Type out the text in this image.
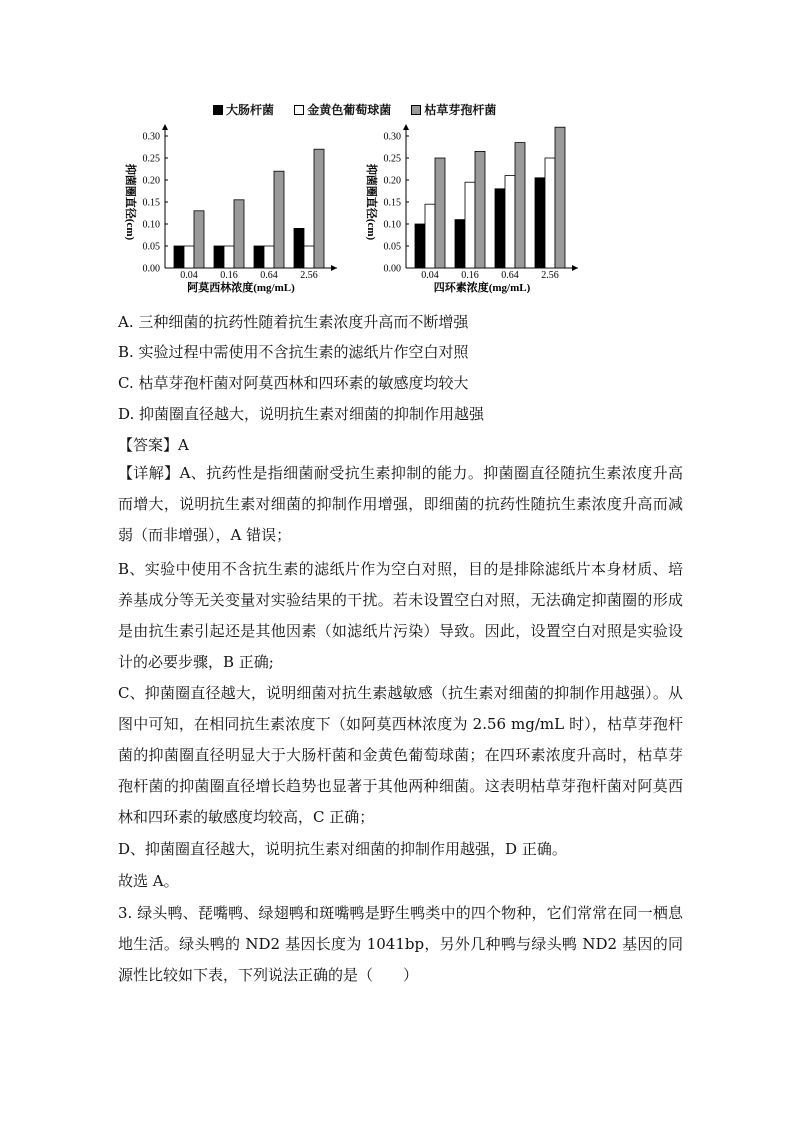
大肠杆菌
	金黄色葡萄球菌
	枯草芽孢杆菌
0.00
0.05
0.10
0.15
0.20
0.25
0.30
抑菌圈直径(cm)
0.04 0.16 0.64 2.56
阿莫西林浓度(mg/mL)
0.00
0.05
0.10
0.15
0.20
0.25
0.30
抑菌圈直径(cm)
0.04 0.16 0.64 2.56
四环素浓度(mg/mL)
A. 三种细菌的抗药性随着抗生素浓度升高而不断增强
B. 实验过程中需使用不含抗生素的滤纸片作空白对照
C. 枯草芽孢杆菌对阿莫西林和四环素的敏感度均较大
D. 抑菌圈直径越大，说明抗生素对细菌的抑制作用越强
【答案】A
【详解】A、抗药性是指细菌耐受抗生素抑制的能力。抑菌圈直径随抗生素浓度升高而增大，说明抗生素对细菌的抑制作用增强，即细菌的抗药性随抗生素浓度升高而减弱（而非增强），A 错误；
B、实验中使用不含抗生素的滤纸片作为空白对照，目的是排除滤纸片本身材质、培养基成分等无关变量对实验结果的干扰。若未设置空白对照，无法确定抑菌圈的形成是由抗生素引起还是其他因素（如滤纸片污染）导致。因此，设置空白对照是实验设计的必要步骤，B 正确;
C、抑菌圈直径越大，说明细菌对抗生素越敏感（抗生素对细菌的抑制作用越强）。从图中可知，在相同抗生素浓度下（如阿莫西林浓度为 2.56 mg/mL 时），枯草芽孢杆菌的抑菌圈直径明显大于大肠杆菌和金黄色葡萄球菌；在四环素浓度升高时，枯草芽孢杆菌的抑菌圈直径增长趋势也显著于其他两种细菌。这表明枯草芽孢杆菌对阿莫西林和四环素的敏感度均较高，C 正确；
D、抑菌圈直径越大，说明抗生素对细菌的抑制作用越强，D 正确。
故选 A。
3. 绿头鸭、琵嘴鸭、绿翅鸭和斑嘴鸭是野生鸭类中的四个物种，它们常常在同一栖息地生活。绿头鸭的 ND2 基因长度为 1041bp，另外几种鸭与绿头鸭 ND2 基因的同源性比较如下表，下列说法正确的是（　　）
